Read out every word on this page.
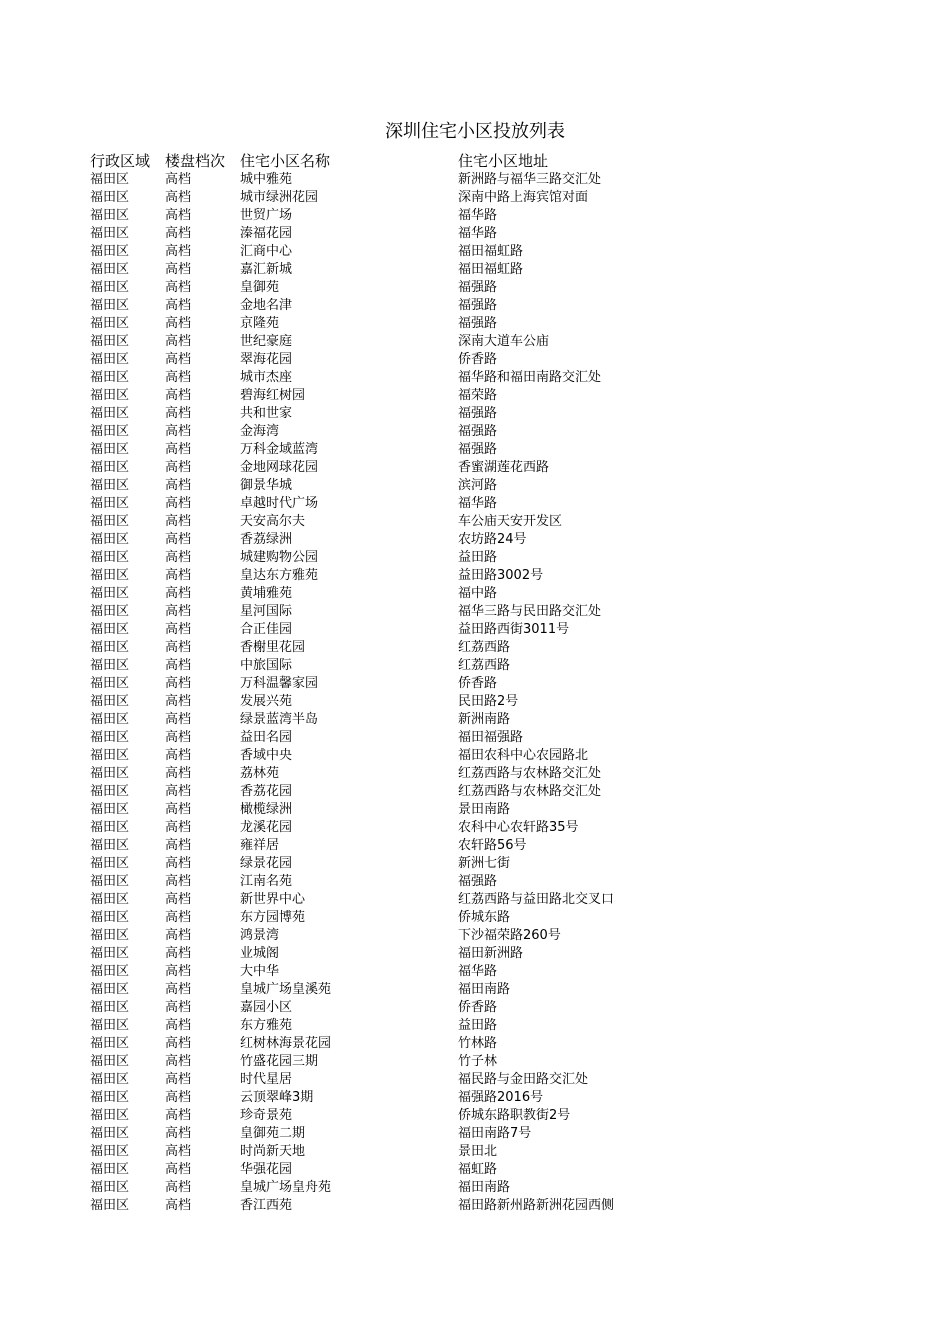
深圳住宅小区投放列表
行政区域 楼盘档次 住宅小区名称	住宅小区地址
福田区	高档	城中雅苑	新洲路与福华三路交汇处
福田区	高档	城市绿洲花园	深南中路上海宾馆对面
福田区	高档	世贸广场	福华路
福田区	高档	溱福花园	福华路
福田区	高档	汇商中心	福田福虹路
福田区	高档	嘉汇新城	福田福虹路
福田区	高档	皇御苑	福强路
福田区	高档	金地名津	福强路
福田区	高档	京隆苑	福强路
福田区	高档	世纪豪庭	深南大道车公庙
福田区	高档	翠海花园	侨香路
福田区	高档	城市杰座	福华路和福田南路交汇处
福田区	高档	碧海红树园	福荣路
福田区	高档	共和世家	福强路
福田区	高档	金海湾	福强路
福田区	高档	万科金域蓝湾	福强路
福田区	高档	金地网球花园	香蜜湖莲花西路
福田区	高档	御景华城	滨河路
福田区	高档	卓越时代广场	福华路
福田区	高档	天安高尔夫	车公庙天安开发区
福田区	高档	香荔绿洲	农坊路24号
福田区	高档	城建购物公园	益田路
福田区	高档	皇达东方雅苑	益田路3002号
福田区	高档	黄埔雅苑	福中路
福田区	高档	星河国际	福华三路与民田路交汇处
福田区	高档	合正佳园	益田路西街3011号
福田区	高档	香榭里花园	红荔西路
福田区	高档	中旅国际	红荔西路
福田区	高档	万科温馨家园	侨香路
福田区	高档	发展兴苑	民田路2号
福田区	高档	绿景蓝湾半岛	新洲南路
福田区	高档	益田名园	福田福强路
福田区	高档	香域中央	福田农科中心农园路北
福田区	高档	荔林苑	红荔西路与农林路交汇处
福田区	高档	香荔花园	红荔西路与农林路交汇处
福田区	高档	橄榄绿洲	景田南路
福田区	高档	龙溪花园	农科中心农轩路35号
福田区	高档	雍祥居	农轩路56号
福田区	高档	绿景花园	新洲七街
福田区	高档	江南名苑	福强路
福田区	高档	新世界中心	红荔西路与益田路北交叉口
福田区	高档	东方园博苑	侨城东路
福田区	高档	鸿景湾	下沙福荣路260号
福田区	高档	业城阁	福田新洲路
福田区	高档	大中华	福华路
福田区	高档	皇城广场皇溪苑	福田南路
福田区	高档	嘉园小区	侨香路
福田区	高档	东方雅苑	益田路
福田区	高档	红树林海景花园	竹林路
福田区	高档	竹盛花园三期	竹子林
福田区	高档	时代星居	福民路与金田路交汇处
福田区	高档	云顶翠峰3期	福强路2016号
福田区	高档	珍奇景苑	侨城东路职教街2号
福田区	高档	皇御苑二期	福田南路7号
福田区	高档	时尚新天地	景田北
福田区	高档	华强花园	福虹路
福田区	高档	皇城广场皇舟苑	福田南路
福田区	高档	香江西苑	福田路新州路新洲花园西侧
